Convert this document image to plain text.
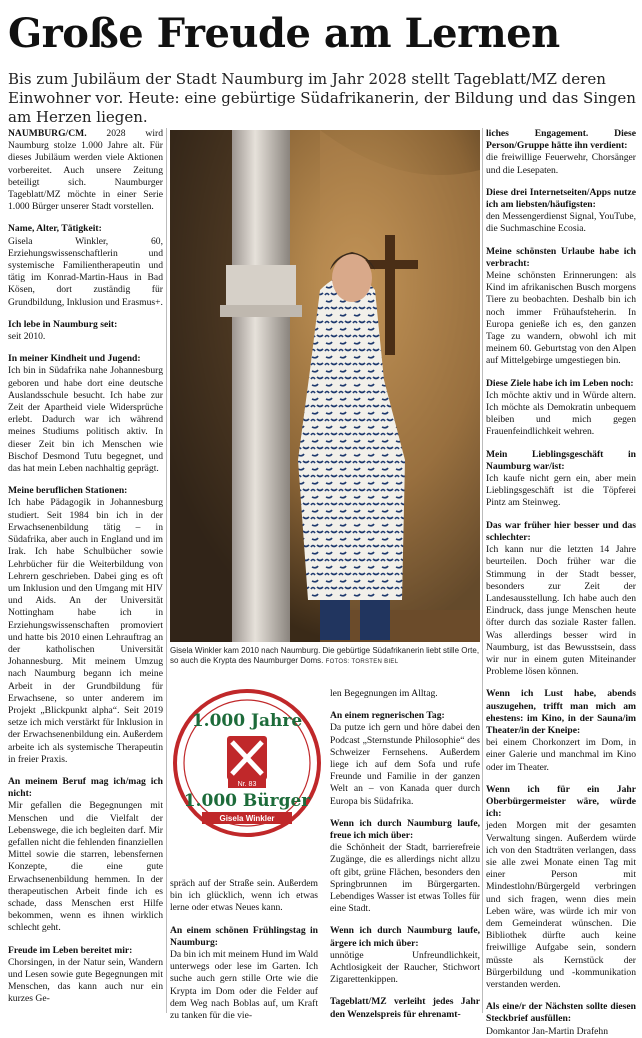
Große Freude am Lernen
Bis zum Jubiläum der Stadt Naumburg im Jahr 2028 stellt Tageblatt/MZ deren Einwohner vor. Heute: eine gebürtige Südafrikanerin, der Bildung und das Singen am Herzen liegen.

NAUMBURG/CM. 2028 wird Naumburg stolze 1.000 Jahre alt. Für dieses Jubiläum werden viele Aktionen vorbereitet. Auch unsere Zeitung beteiligt sich. Naumburger Tageblatt/MZ möchte in einer Serie 1.000 Bürger unserer Stadt vorstellen.

Name, Alter, Tätigkeit:
Gisela Winkler, 60, Erziehungswissenschaftlerin und systemische Familientherapeutin und tätig im Konrad-Martin-Haus in Bad Kösen, dort zuständig für Grundbildung, Inklusion und Erasmus+.

Ich lebe in Naumburg seit:
seit 2010.

In meiner Kindheit und Jugend:
Ich bin in Südafrika nahe Johannesburg geboren und habe dort eine deutsche Auslandsschule besucht. Ich habe zur Zeit der Apartheid viele Widersprüche erlebt. Dadurch war ich während meines Studiums politisch aktiv. In dieser Zeit bin ich Menschen wie Bischof Desmond Tutu begegnet, und das hat mein Leben nachhaltig geprägt.

Meine beruflichen Stationen:
Ich habe Pädagogik in Johannesburg studiert. Seit 1984 bin ich in der Erwachsenenbildung tätig – in Südafrika, aber auch in England und im Irak. Ich habe Schulbücher sowie Lehrbücher für die Weiterbildung von Lehrern geschrieben. Dabei ging es oft um Inklusion und den Umgang mit HIV und Aids. An der Universität Nottingham habe ich in Erziehungswissenschaften promoviert und hatte bis 2010 einen Lehrauftrag an der katholischen Universität Johannesburg. Mit meinem Umzug nach Naumburg begann ich meine Arbeit in der Grundbildung für Erwachsene, so unter anderem im Projekt „Blickpunkt alpha“. Seit 2019 setze ich mich verstärkt für Inklusion in der Erwachsenenbildung ein. Außerdem arbeite ich als systemische Therapeutin in freier Praxis.

An meinem Beruf mag ich/mag ich nicht:
Mir gefallen die Begegnungen mit Menschen und die Vielfalt der Lebenswege, die ich begleiten darf. Mir gefallen nicht die fehlenden finanziellen Mittel sowie die starren, lebensfernen Konzepte, die eine gute Erwachsenenbildung hemmen. In der therapeutischen Arbeit finde ich es schade, dass Menschen erst Hilfe bekommen, wenn es ihnen wirklich schlecht geht.

Freude im Leben bereitet mir:
Chorsingen, in der Natur sein, Wandern und Lesen sowie gute Begegnungen mit Menschen, das kann auch nur ein kurzes Ge-

Gisela Winkler kam 2010 nach Naumburg. Die gebürtige Südafrikanerin liebt stille Orte, so auch die Krypta des Naumburger Doms. FOTOS: TORSTEN BIEL
1.000 Jahre
1.000 Bürger
Nr. 83
Gisela Winkler

spräch auf der Straße sein. Außerdem bin ich glücklich, wenn ich etwas lerne oder etwas Neues kann.

An einem schönen Frühlingstag in Naumburg:
Da bin ich mit meinem Hund im Wald unterwegs oder lese im Garten. Ich suche auch gern stille Orte wie die Krypta im Dom oder die Felder auf dem Weg nach Boblas auf, um Kraft zu tanken für die vie-

len Begegnungen im Alltag.

An einem regnerischen Tag:
Da putze ich gern und höre dabei den Podcast „Sternstunde Philosophie“ des Schweizer Fernsehens. Außerdem liege ich auf dem Sofa und rufe Freunde und Familie in der ganzen Welt an – von Kanada quer durch Europa bis Südafrika.

Wenn ich durch Naumburg laufe, freue ich mich über:
die Schönheit der Stadt, barrierefreie Zugänge, die es allerdings nicht allzu oft gibt, grüne Flächen, besonders den Springbrunnen im Bürgergarten. Lebendiges Wasser ist etwas Tolles für eine Stadt.

Wenn ich durch Naumburg laufe, ärgere ich mich über:
unnötige Unfreundlichkeit, Achtlosigkeit der Raucher, Stichwort Zigarettenkippen.

Tageblatt/MZ verleiht jedes Jahr den Wenzelspreis für ehrenamt-

liches Engagement. Diese Person/Gruppe hätte ihn verdient:
die freiwillige Feuerwehr, Chorsänger und die Lesepaten.

Diese drei Internetseiten/Apps nutze ich am liebsten/häufigsten:
den Messengerdienst Signal, YouTube, die Suchmaschine Ecosia.

Meine schönsten Urlaube habe ich verbracht:
Meine schönsten Erinnerungen: als Kind im afrikanischen Busch morgens Tiere zu beobachten. Deshalb bin ich noch immer Frühaufsteherin. In Europa genieße ich es, den ganzen Tage zu wandern, obwohl ich mit meinem 60. Geburtstag von den Alpen auf Mittelgebirge umgestiegen bin.

Diese Ziele habe ich im Leben noch:
Ich möchte aktiv und in Würde altern. Ich möchte als Demokratin unbequem bleiben und mich gegen Frauenfeindlichkeit wehren.

Mein Lieblingsgeschäft in Naumburg war/ist:
Ich kaufe nicht gern ein, aber mein Lieblingsgeschäft ist die Töpferei Pintz am Steinweg.

Das war früher hier besser und das schlechter:
Ich kann nur die letzten 14 Jahre beurteilen. Doch früher war die Stimmung in der Stadt besser, besonders zur Zeit der Landesausstellung. Ich habe auch den Eindruck, dass junge Menschen heute öfter durch das soziale Raster fallen. Was allerdings besser wird in Naumburg, ist das Bewusstsein, dass wir nur in einem guten Miteinander Probleme lösen können.

Wenn ich Lust habe, abends auszugehen, trifft man mich am ehestens: im Kino, in der Sauna/im Theater/in der Kneipe:
bei einem Chorkonzert im Dom, in einer Galerie und manchmal im Kino oder im Theater.

Wenn ich für ein Jahr Oberbürgermeister wäre, würde ich:
jeden Morgen mit der gesamten Verwaltung singen. Außerdem würde ich von den Stadträten verlangen, dass sie alle zwei Monate einen Tag mit einer Person mit Mindestlohn/Bürgergeld verbringen und sich fragen, wenn dies mein Leben wäre, was würde ich mir von dem Gemeinderat wünschen. Die Bibliothek dürfte auch keine freiwillige Aufgabe sein, sondern müsste als Kernstück der Bürgerbildung und -kommunikation verstanden werden.

Als eine/r der Nächsten sollte diesen Steckbrief ausfüllen:
Domkantor Jan-Martin Drafehn
